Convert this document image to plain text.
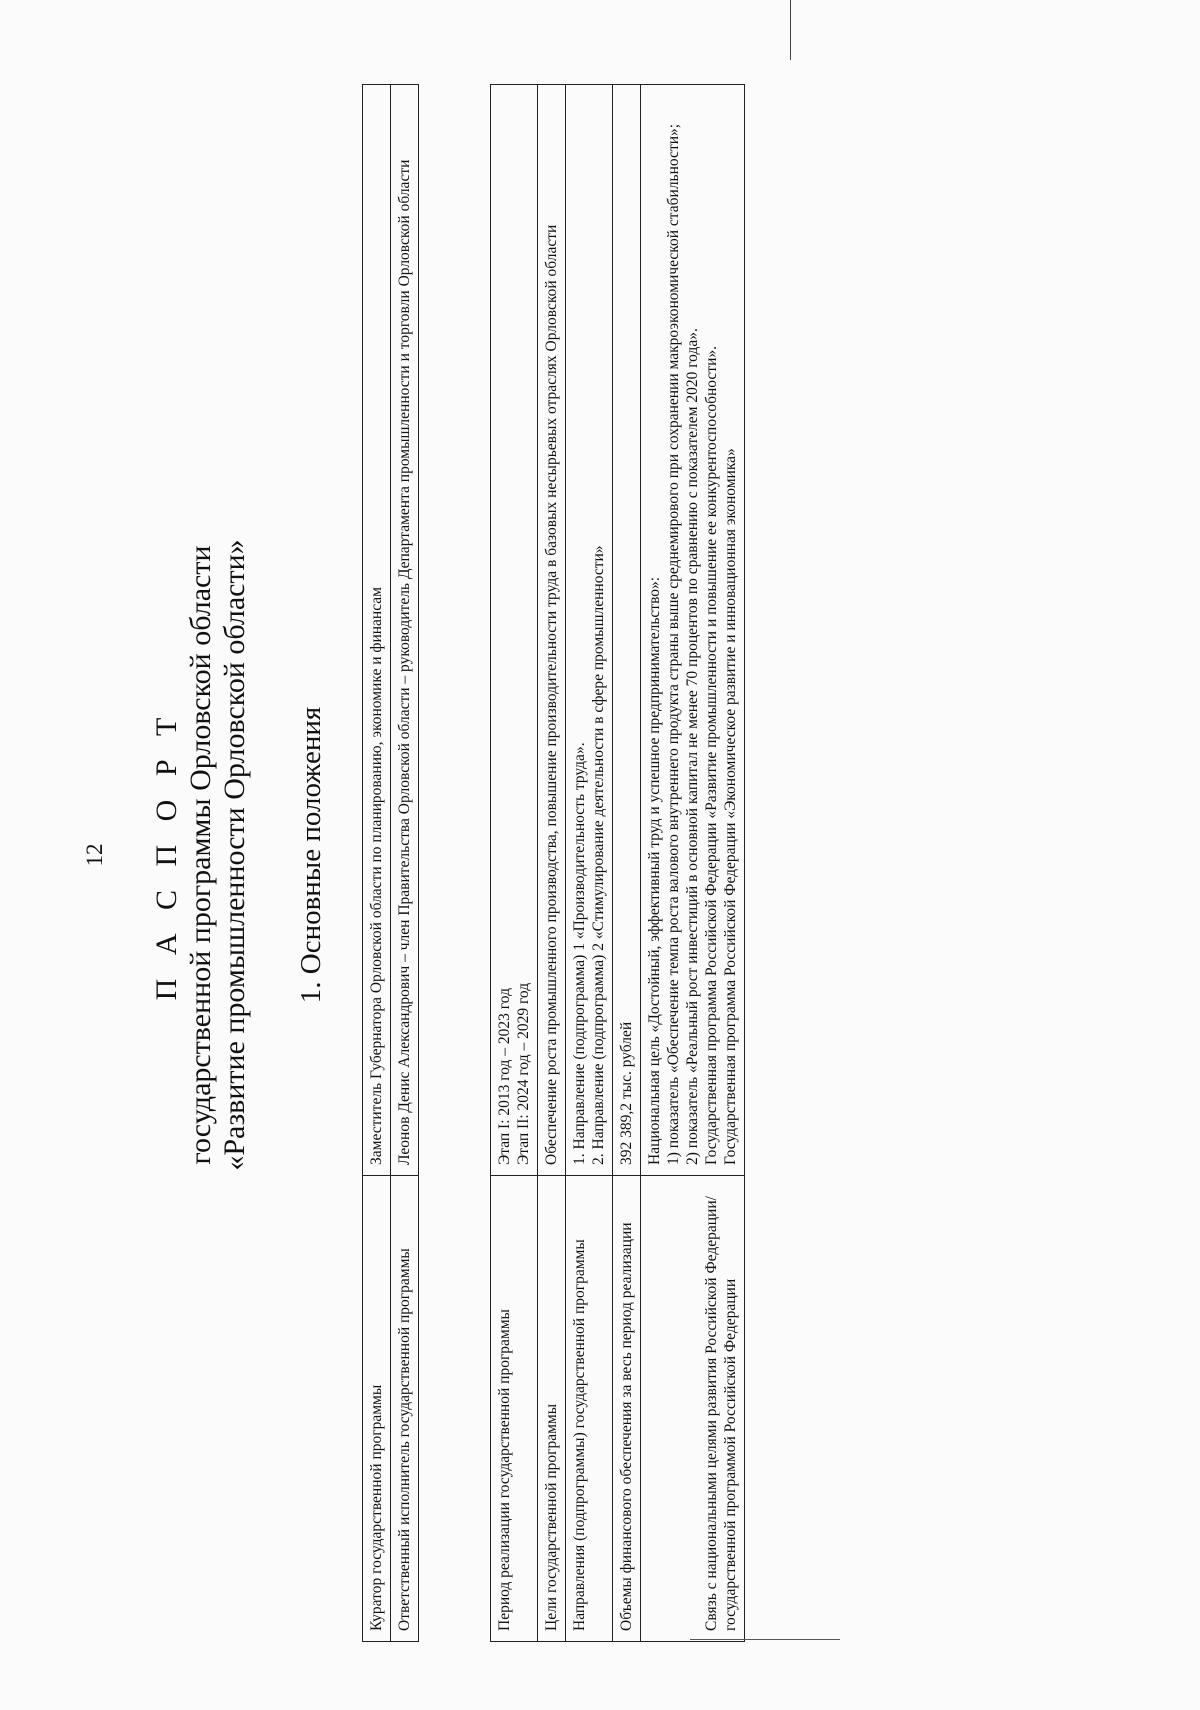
12 П А С П О Р Т государственной программы Орловской области «Развитие промышленности Орловской области» 1. Основные положения
Куратор государственной программы	Заместитель Губернатора Орловской области по планированию, экономике и финансам

Ответственный исполнитель государственной программы	Леонов Денис Александрович – член Правительства Орловской области – руководитель Департамента промышленности и торговли Орловской области
Период реализации государственной программы	Этап I: 2013 год – 2023 год Этап II: 2024 год – 2029 год

Цели государственной программы	Обеспечение роста промышленного производства, повышение производительности труда в базовых несырьевых отраслях Орловской области

Направления (подпрограммы) государственной программы	1. Направление (подпрограмма) 1 «Производительность труда». 2. Направление (подпрограмма) 2 «Стимулирование деятельности в сфере промышленности»

Объемы финансового обеспечения за весь период реализации	392 389,2 тыс. рублей

Связь с национальными целями развития Российской Федерации/ государственной программой Российской Федерации	Национальная цель «Достойный, эффективный труд и успешное предпринимательство»: 1) показатель «Обеспечение темпа роста валового внутреннего продукта страны выше среднемирового при сохранении макроэкономической стабильности»; 2) показатель «Реальный рост инвестиций в основной капитал не менее 70 процентов по сравнению с показателем 2020 года». Государственная программа Российской Федерации «Развитие промышленности и повышение ее конкурентоспособности». Государственная программа Российской Федерации «Экономическое развитие и инновационная экономика»
